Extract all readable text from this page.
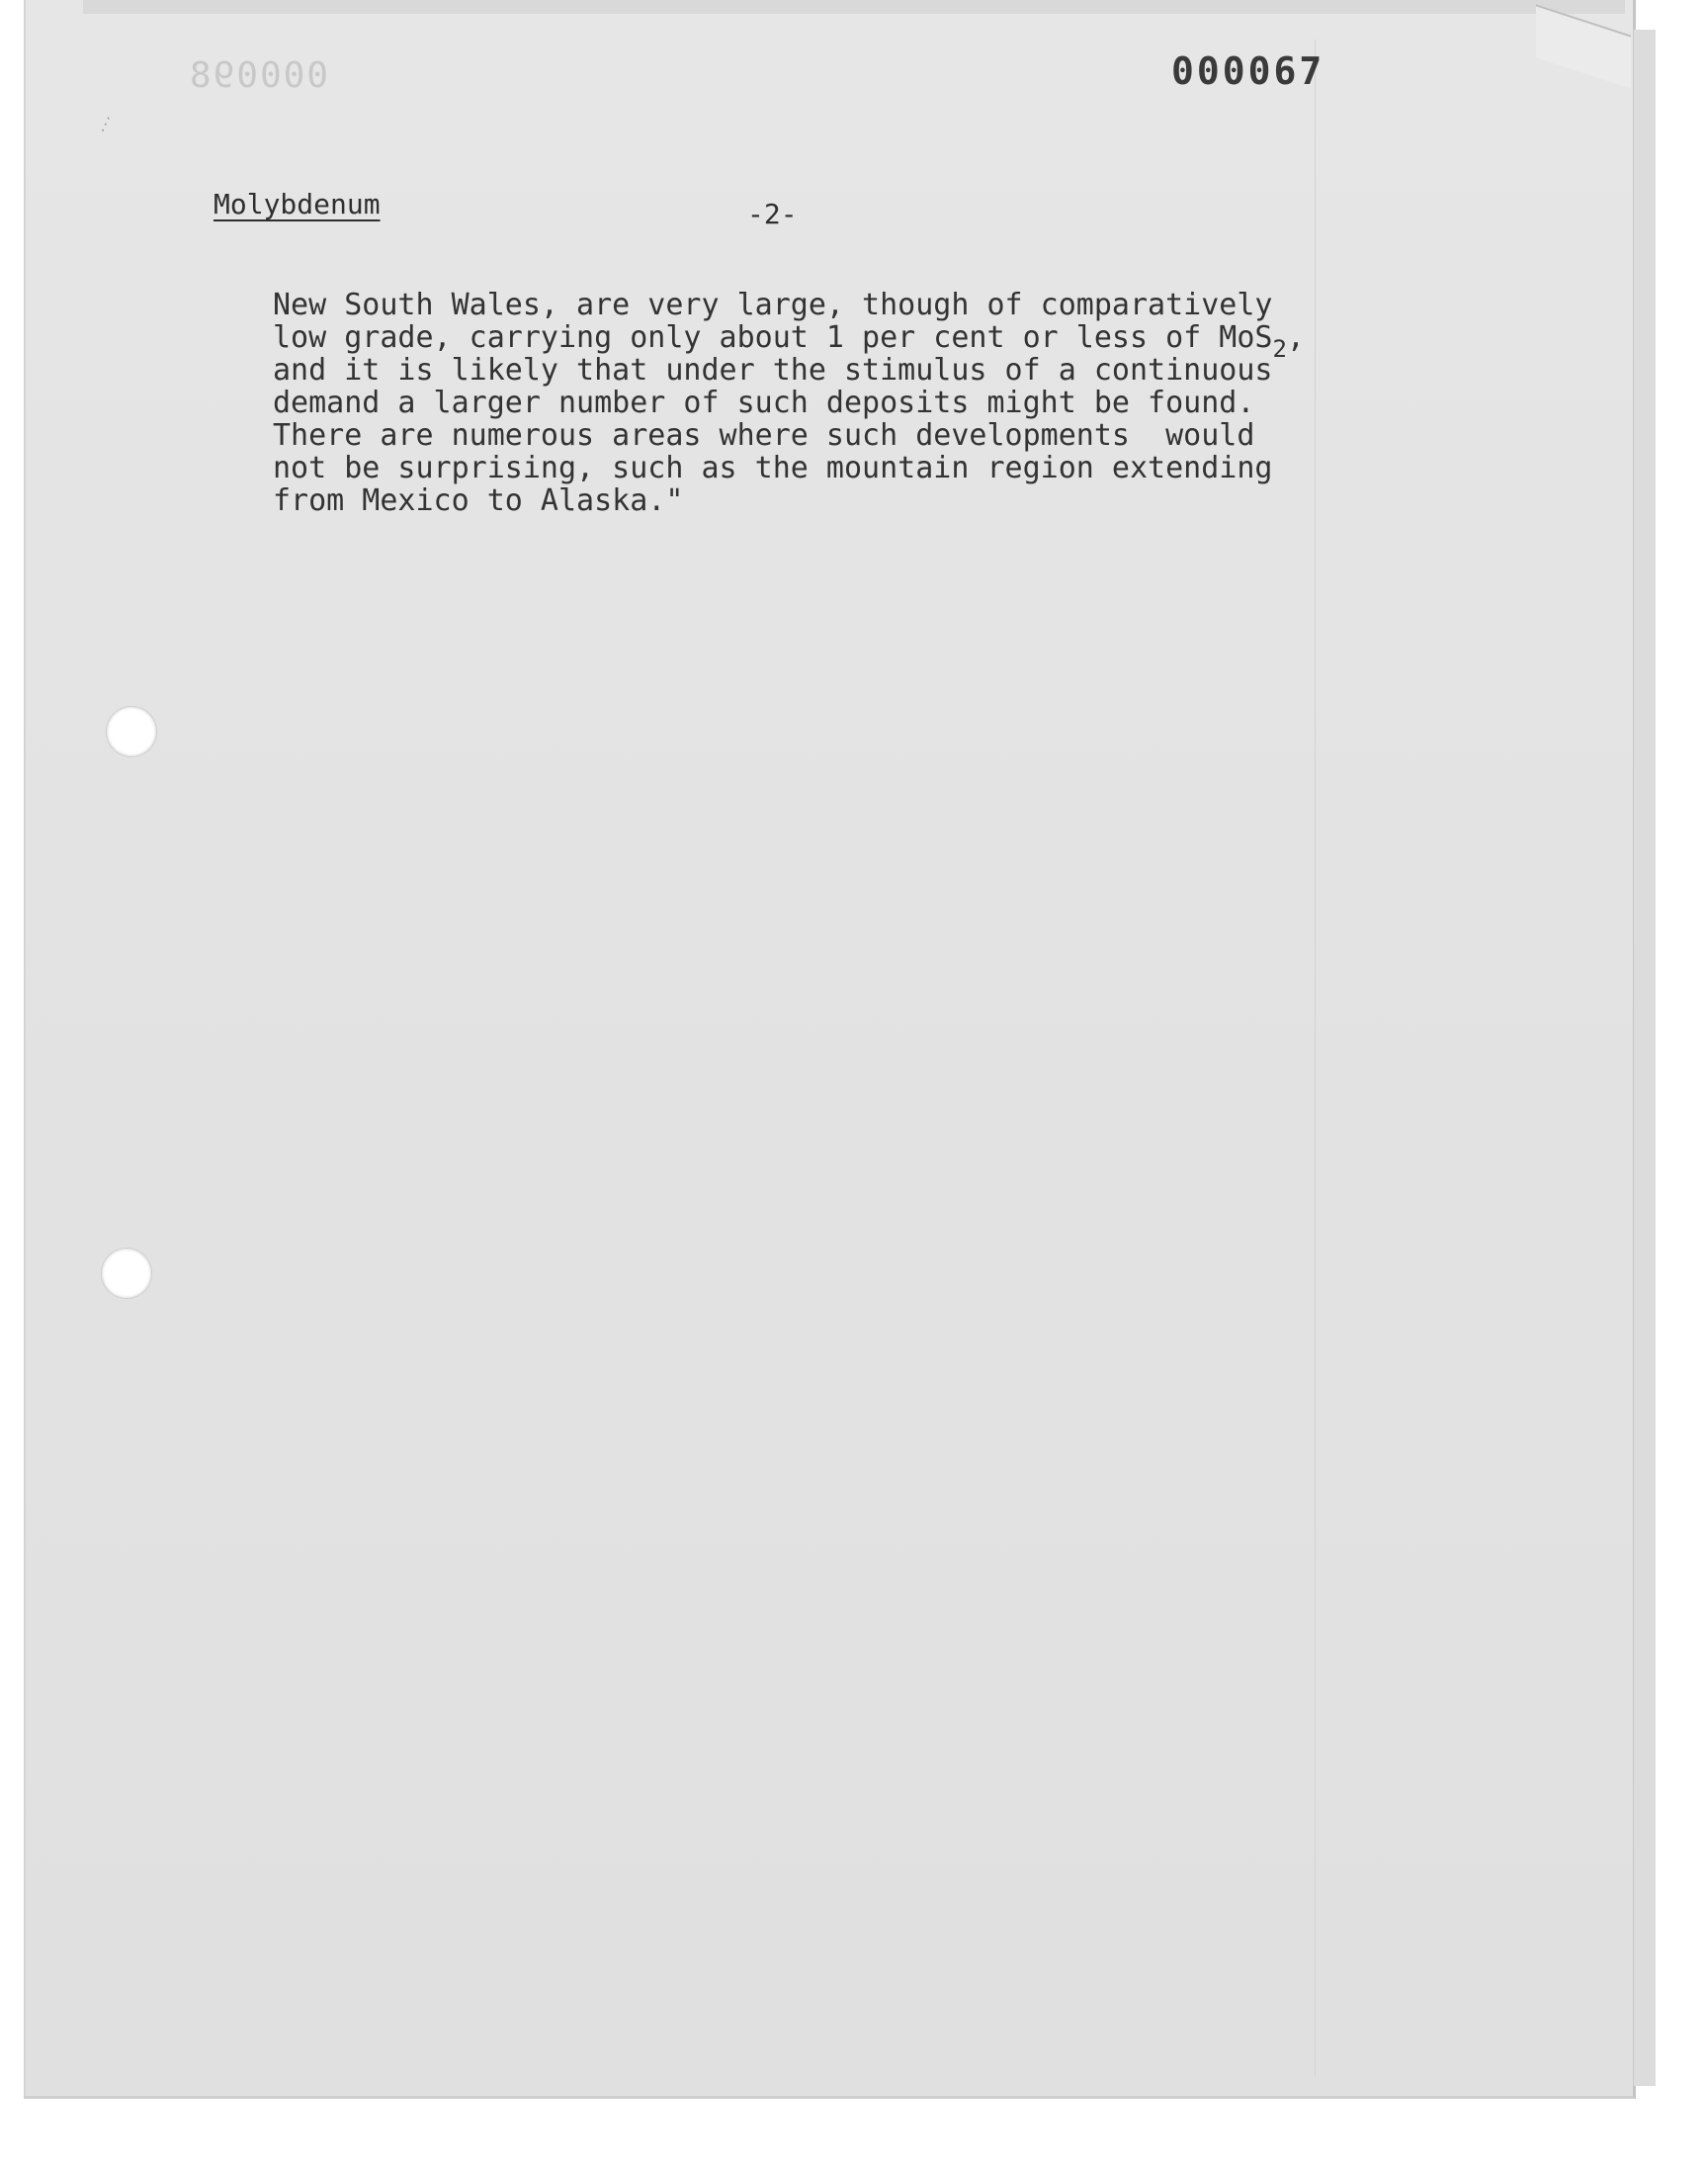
000098	000067
⋰
Molybdenum	-2-
New South Wales, are very large, though of comparatively
low grade, carrying only about 1 per cent or less of MoS$_2$,
and it is likely that under the stimulus of a continuous
demand a larger number of such deposits might be found.
There are numerous areas where such developments  would
not be surprising, such as the mountain region extending
from Mexico to Alaska."
